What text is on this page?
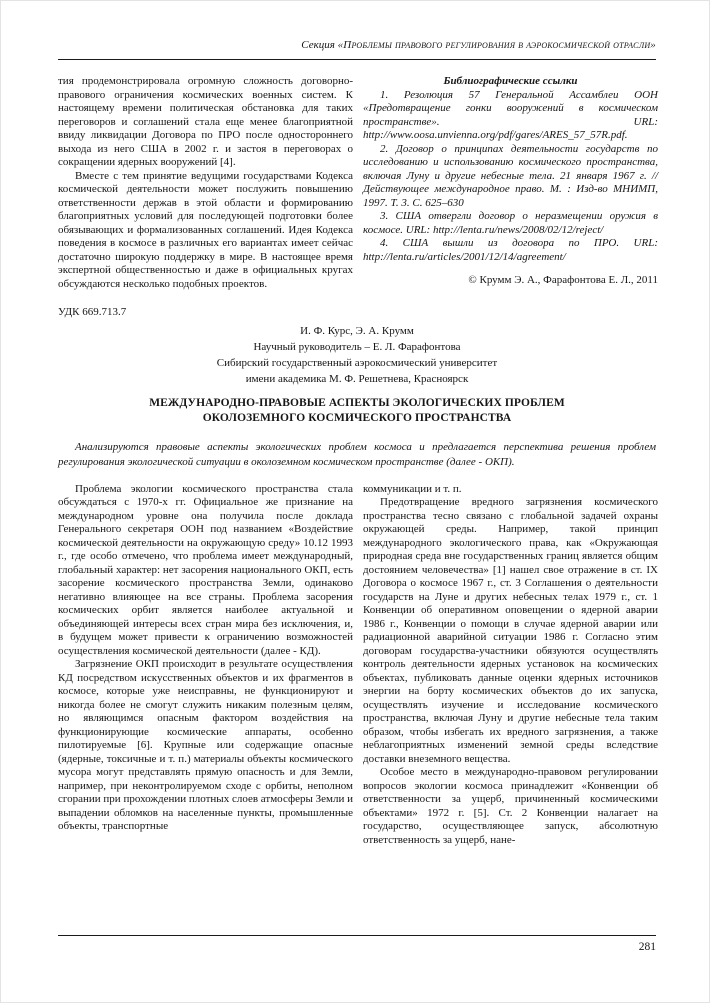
Секция «Проблемы правового регулирования в аэрокосмической отрасли»

тия продемонстрировала огромную сложность договорно-правового ограничения космических военных систем. К настоящему времени политическая обстановка для таких переговоров и соглашений стала еще менее благоприятной ввиду ликвидации Договора по ПРО после одностороннего выхода из него США в 2002 г. и застоя в переговорах о сокращении ядерных вооружений [4].

Вместе с тем принятие ведущими государствами Кодекса космической деятельности может послужить повышению ответственности держав в этой области и формированию благоприятных условий для последующей подготовки более обязывающих и формализованных соглашений. Идея Кодекса поведения в космосе в различных его вариантах имеет сейчас достаточно широкую поддержку в мире. В настоящее время экспертной общественностью и даже в официальных кругах обсуждаются несколько подобных проектов.

Библиографические ссылки

1. Резолюция 57 Генеральной Ассамблеи ООН «Предотвращение гонки вооружений в космическом пространстве». URL: http://www.oosa.unvienna.org/pdf/gares/ARES_57_57R.pdf.

2. Договор о принципах деятельности государств по исследованию и использованию космического пространства, включая Луну и другие небесные тела. 21 января 1967 г. // Действующее международное право. М. : Изд-во МНИМП, 1997. Т. 3. С. 625–630

3. США отвергли договор о неразмещении оружия в космосе. URL: http://lenta.ru/news/2008/02/12/reject/

4. США вышли из договора по ПРО. URL: http://lenta.ru/articles/2001/12/14/agreement/

© Крумм Э. А., Фарафонтова Е. Л., 2011
УДК 669.713.7
И. Ф. Курс, Э. А. Крумм
Научный руководитель – Е. Л. Фарафонтова
Сибирский государственный аэрокосмический университет
имени академика М. Ф. Решетнева, Красноярск
МЕЖДУНАРОДНО-ПРАВОВЫЕ АСПЕКТЫ ЭКОЛОГИЧЕСКИХ ПРОБЛЕМ
ОКОЛОЗЕМНОГО КОСМИЧЕСКОГО ПРОСТРАНСТВА

Анализируются правовые аспекты экологических проблем космоса и предлагается перспектива решения проблем регулирования экологической ситуации в околоземном космическом пространстве (далее - ОКП).

Проблема экологии космического пространства стала обсуждаться с 1970-х гг. Официальное же признание на международном уровне она получила после доклада Генерального секретаря ООН под названием «Воздействие космической деятельности на окружающую среду» 10.12 1993 г., где особо отмечено, что проблема имеет международный, глобальный характер: нет засорения национального ОКП, есть засорение космического пространства Земли, одинаково негативно влияющее на все страны. Проблема засорения космических орбит является наиболее актуальной и объединяющей интересы всех стран мира без исключения, и, в будущем может привести к ограничению возможностей осуществления космической деятельности (далее - КД).

Загрязнение ОКП происходит в результате осуществления КД посредством искусственных объектов и их фрагментов в космосе, которые уже неисправны, не функционируют и никогда более не смогут служить никаким полезным целям, но являющимся опасным фактором воздействия на функционирующие космические аппараты, особенно пилотируемые [6]. Крупные или содержащие опасные (ядерные, токсичные и т. п.) материалы объекты космического мусора могут представлять прямую опасность и для Земли, например, при неконтролируемом сходе с орбиты, неполном сгорании при прохождении плотных слоев атмосферы Земли и выпадении обломков на населенные пункты, промышленные объекты, транспортные

коммуникации и т. п.

Предотвращение вредного загрязнения космического пространства тесно связано с глобальной задачей охраны окружающей среды. Например, такой принцип международного экологического права, как «Окружающая природная среда вне государственных границ является общим достоянием человечества» [1] нашел свое отражение в ст. IX Договора о космосе 1967 г., ст. 3 Соглашения о деятельности государств на Луне и других небесных телах 1979 г., ст. 1 Конвенции об оперативном оповещении о ядерной аварии 1986 г., Конвенции о помощи в случае ядерной аварии или радиационной аварийной ситуации 1986 г. Согласно этим договорам государства-участники обязуются осуществлять контроль деятельности ядерных установок на космических объектах, публиковать данные оценки ядерных источников энергии на борту космических объектов до их запуска, осуществлять изучение и исследование космического пространства, включая Луну и другие небесные тела таким образом, чтобы избегать их вредного загрязнения, а также неблагоприятных изменений земной среды вследствие доставки внеземного вещества.

Особое место в международно-правовом регулировании вопросов экологии космоса принадлежит «Конвенции об ответственности за ущерб, причиненный космическими объектами» 1972 г. [5]. Ст. 2 Конвенции налагает на государство, осуществляющее запуск, абсолютную ответственность за ущерб, нане-

281
